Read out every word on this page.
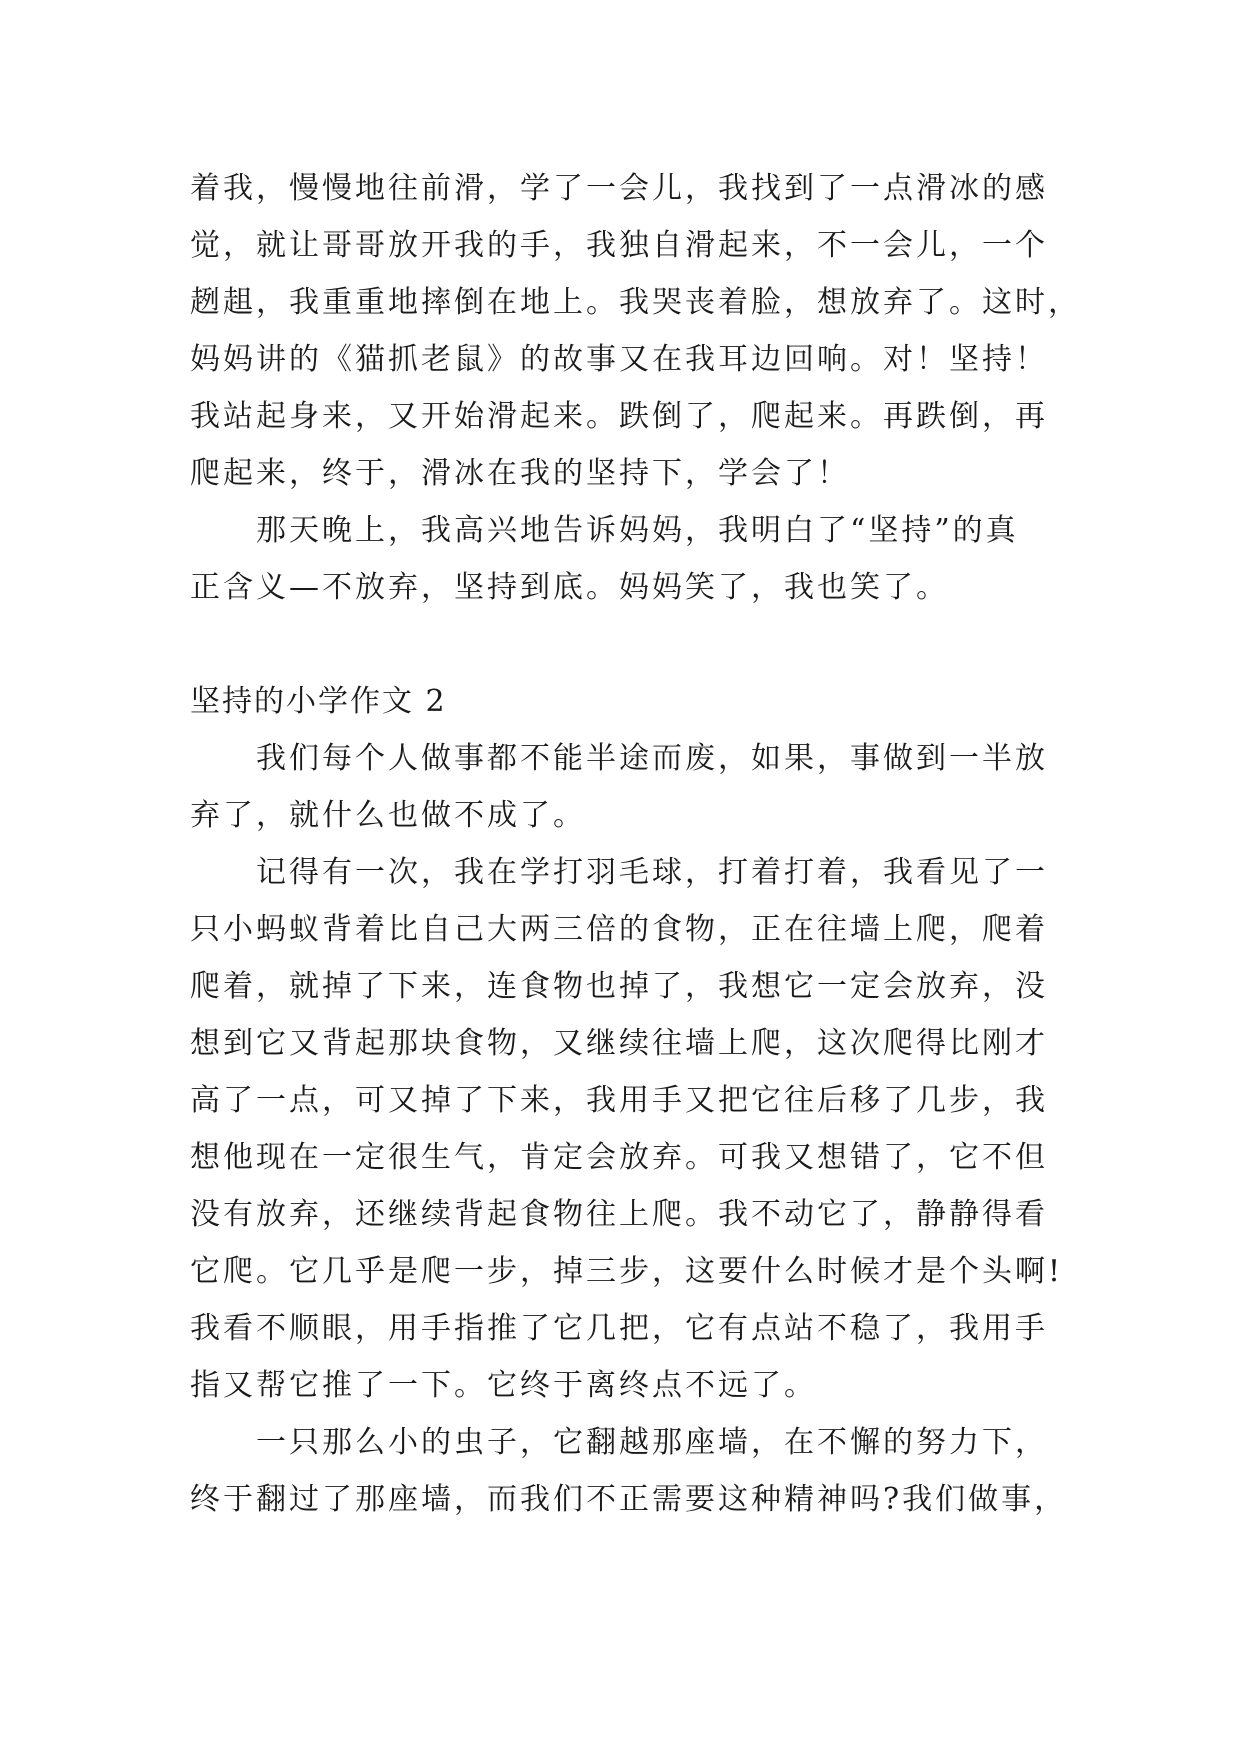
着我，慢慢地往前滑，学了一会儿，我找到了一点滑冰的感
觉，就让哥哥放开我的手，我独自滑起来，不一会儿，一个
趔趄，我重重地摔倒在地上。我哭丧着脸，想放弃了。这时，
妈妈讲的《猫抓老鼠》的故事又在我耳边回响。对！坚持！
我站起身来，又开始滑起来。跌倒了，爬起来。再跌倒，再
爬起来，终于，滑冰在我的坚持下，学会了！
那天晚上，我高兴地告诉妈妈，我明白了“坚持”的真
正含义—不放弃，坚持到底。妈妈笑了，我也笑了。
坚持的小学作文 2
我们每个人做事都不能半途而废，如果，事做到一半放
弃了，就什么也做不成了。
记得有一次，我在学打羽毛球，打着打着，我看见了一
只小蚂蚁背着比自己大两三倍的食物，正在往墙上爬，爬着
爬着，就掉了下来，连食物也掉了，我想它一定会放弃，没
想到它又背起那块食物，又继续往墙上爬，这次爬得比刚才
高了一点，可又掉了下来，我用手又把它往后移了几步，我
想他现在一定很生气，肯定会放弃。可我又想错了，它不但
没有放弃，还继续背起食物往上爬。我不动它了，静静得看
它爬。它几乎是爬一步，掉三步，这要什么时候才是个头啊!
我看不顺眼，用手指推了它几把，它有点站不稳了，我用手
指又帮它推了一下。它终于离终点不远了。
一只那么小的虫子，它翻越那座墙，在不懈的努力下，
终于翻过了那座墙，而我们不正需要这种精神吗?我们做事，
